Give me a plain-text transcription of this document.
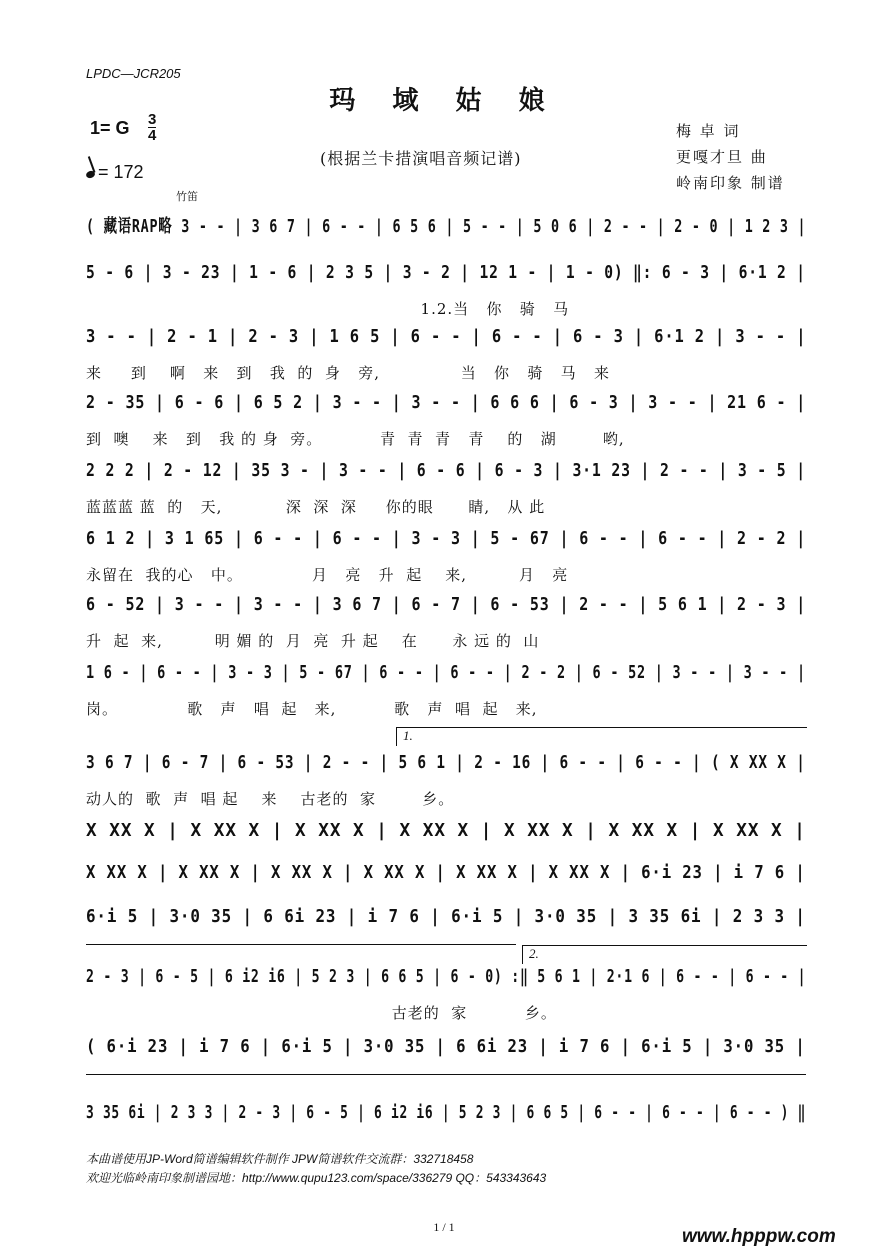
LPDC—JCR205
玛 域 姑 娘
1= G 3
4
= 172
(根据兰卡措演唱音频记谱)
梅 卓 词
更嘎才旦 曲
岭南印象 制谱
竹笛
( 藏语RAP略 3 - - | 3 6 7 | 6 - - | 6 5 6 | 5 - - | 5 0 6 | 2 - - | 2 - 0 | 1 2 3 |
5 - 6 | 3 - 23 | 1 - 6 | 2 3 5 | 3 - 2 | 12 1 - | 1 - 0) ‖: 6 - 3 | 6·1 2 |
1.2.当   你   骑   马
3 - - | 2 - 1 | 2 - 3 | 1 6 5 | 6 - - | 6 - - | 6 - 3 | 6·1 2 | 3 - - |
来     到    啊   来   到   我  的  身   旁,              当   你   骑   马   来
2 - 35 | 6 - 6 | 6 5 2 | 3 - - | 3 - - | 6 6 6 | 6 - 3 | 3 - - | 21 6 - |
到  噢    来   到   我 的 身  旁。          青  青  青   青    的   湖        哟,
2 2 2 | 2 - 12 | 35 3 - | 3 - - | 6 - 6 | 6 - 3 | 3·1 23 | 2 - - | 3 - 5 |
蓝蓝蓝 蓝  的   天,           深  深  深     你的眼      睛,   从 此
6 1 2 | 3 1 65 | 6 - - | 6 - - | 3 - 3 | 5 - 67 | 6 - - | 6 - - | 2 - 2 |
永留在  我的心   中。            月   亮   升  起    来,         月   亮
6 - 52 | 3 - - | 3 - - | 3 6 7 | 6 - 7 | 6 - 53 | 2 - - | 5 6 1 | 2 - 3 |
升  起  来,         明 媚 的  月  亮  升 起    在      永 远 的  山
1 6 - | 6 - - | 3 - 3 | 5 - 67 | 6 - - | 6 - - | 2 - 2 | 6 - 52 | 3 - - | 3 - - |
岗。            歌   声   唱  起   来,          歌   声  唱  起   来,
3 6 7 | 6 - 7 | 6 - 53 | 2 - - | 5 6 1 | 2 - 16 | 6 - - | 6 - - | ( X XX X |
动人的  歌  声  唱 起    来    古老的  家        乡。
X XX X | X XX X | X XX X | X XX X | X XX X | X XX X | X XX X |
X XX X | X XX X | X XX X | X XX X | X XX X | X XX X | 6·i 23 | i 7 6 |
6·i 5 | 3·0 35 | 6 6i 23 | i 7 6 | 6·i 5 | 3·0 35 | 3 35 6i | 2 3 3 |
2 - 3 | 6 - 5 | 6 i2 i6 | 5 2 3 | 6 6 5 | 6 - 0) :‖ 5 6 1 | 2·1 6 | 6 - - | 6 - - |
古老的  家          乡。
( 6·i 23 | i 7 6 | 6·i 5 | 3·0 35 | 6 6i 23 | i 7 6 | 6·i 5 | 3·0 35 |
3 35 6i | 2 3 3 | 2 - 3 | 6 - 5 | 6 i2 i6 | 5 2 3 | 6 6 5 | 6 - - | 6 - - | 6 - - ) ‖
1.
2.
本曲谱使用JP-Word简谱编辑软件制作 JPW简谱软件交流群：332718458
欢迎光临岭南印象制谱园地：http://www.qupu123.com/space/336279 QQ：543343643
1 / 1	www.hpppw.com
